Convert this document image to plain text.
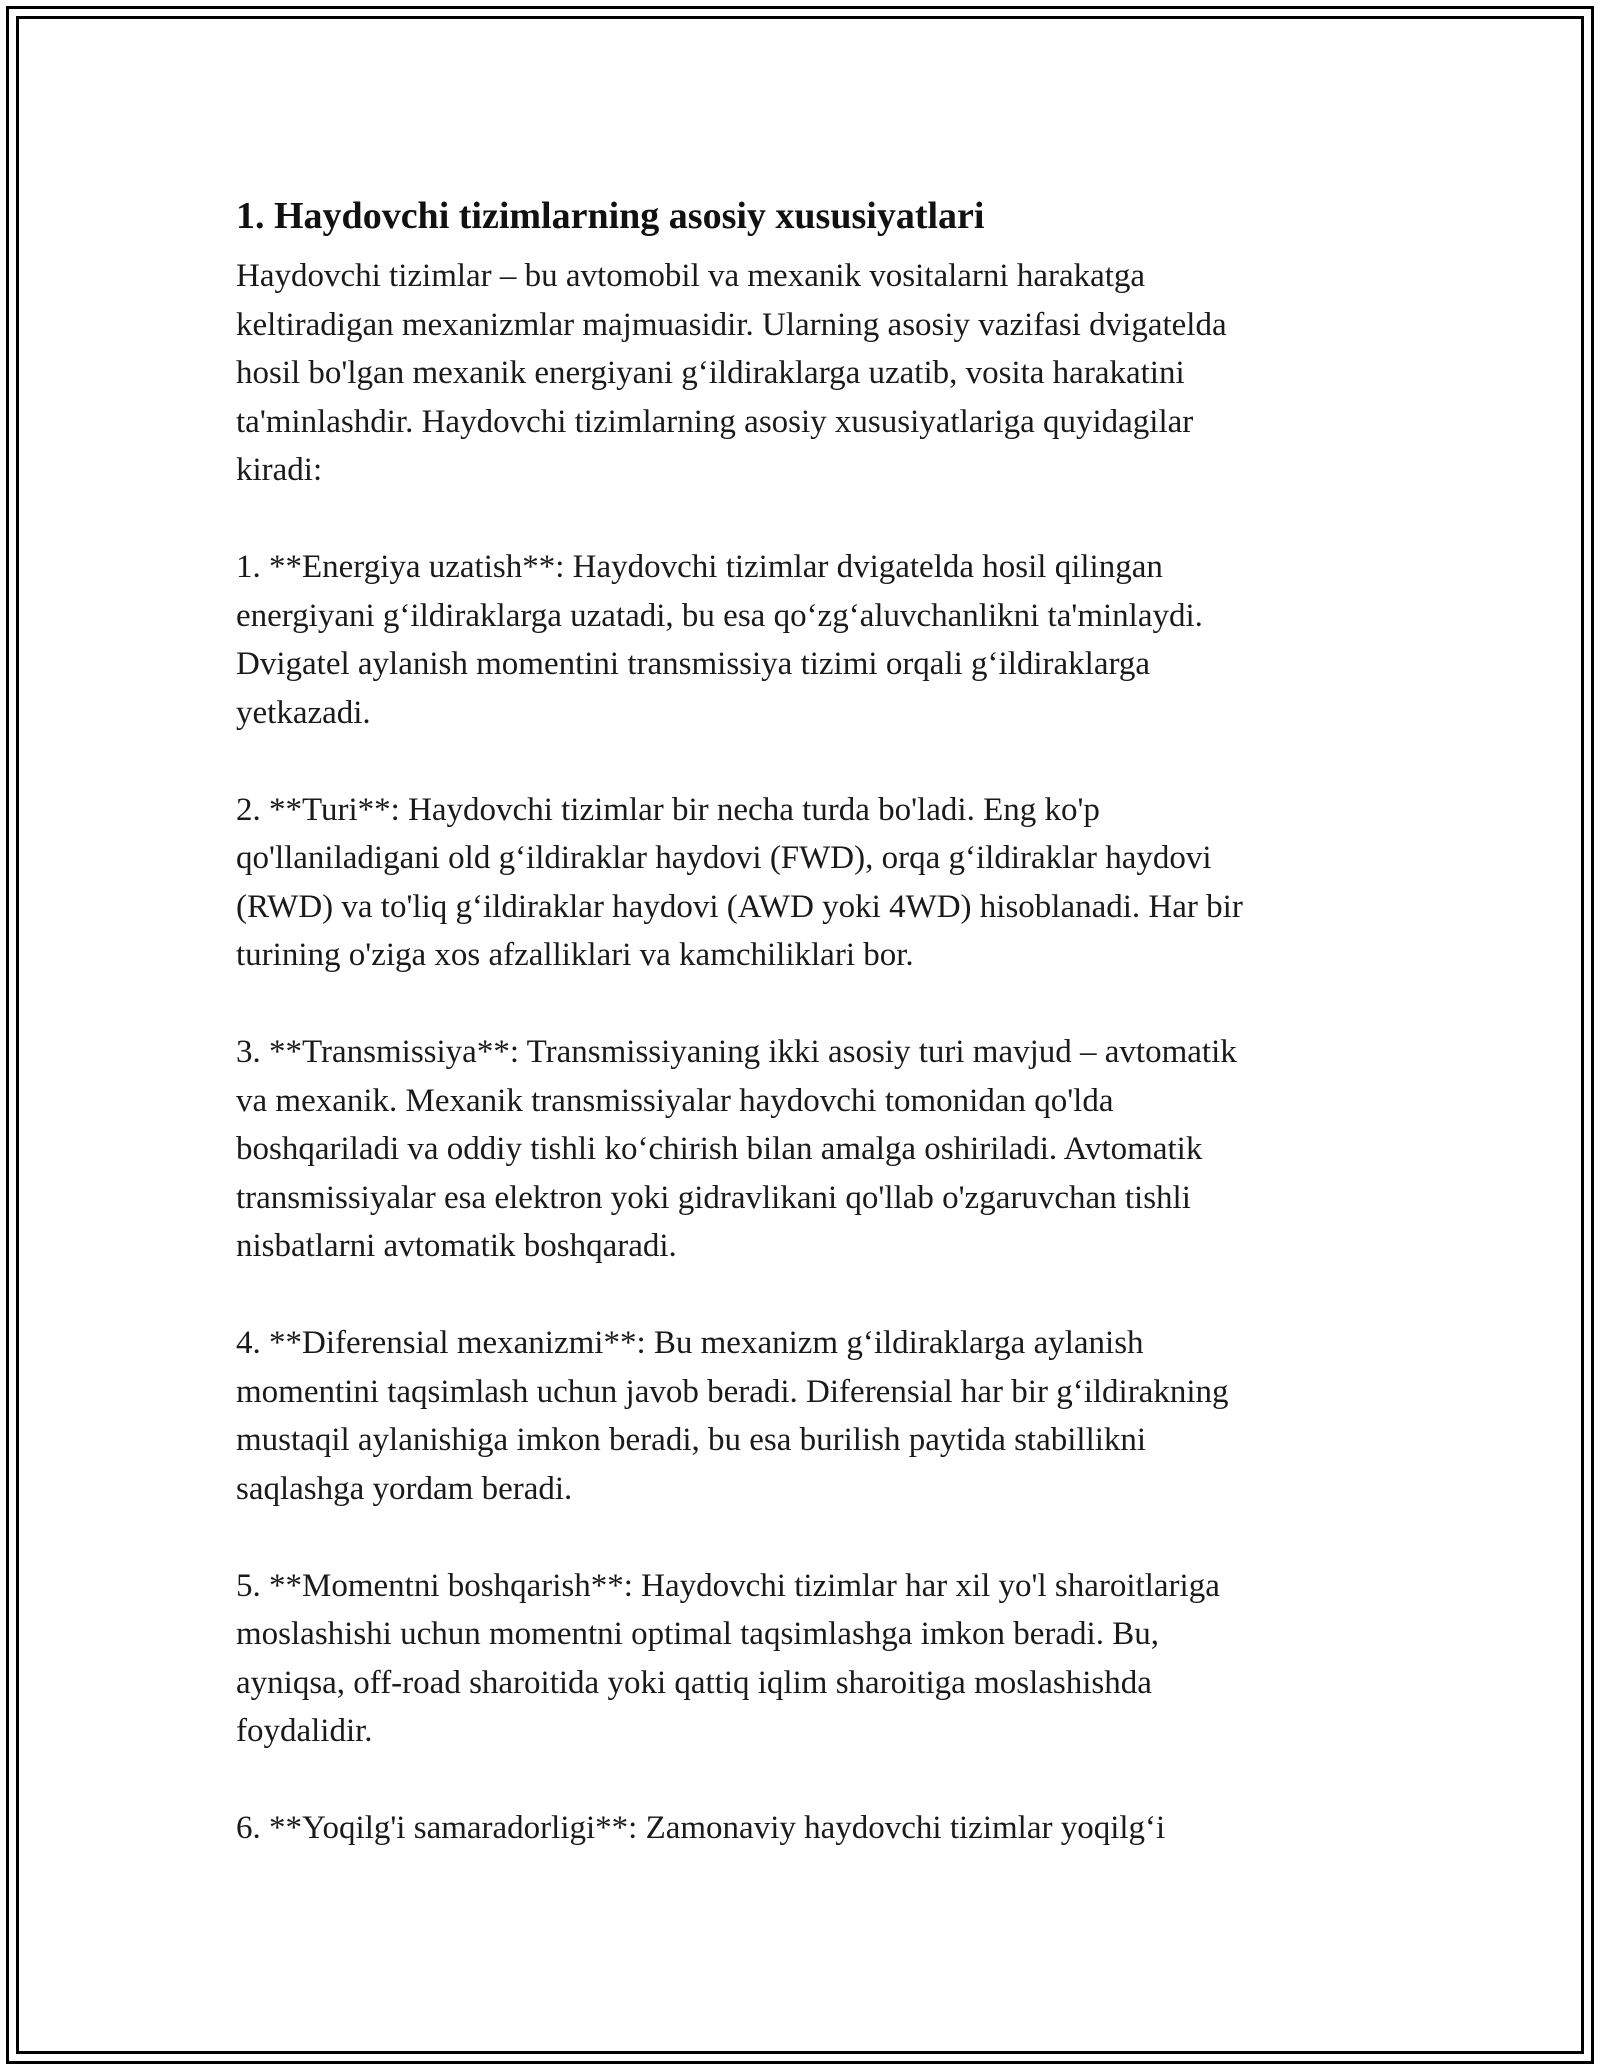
1. Haydovchi tizimlarning asosiy xususiyatlari

Haydovchi tizimlar – bu avtomobil va mexanik vositalarni harakatga
keltiradigan mexanizmlar majmuasidir. Ularning asosiy vazifasi dvigatelda
hosil bo'lgan mexanik energiyani g‘ildiraklarga uzatib, vosita harakatini
ta'minlashdir. Haydovchi tizimlarning asosiy xususiyatlariga quyidagilar
kiradi:

1. **Energiya uzatish**: Haydovchi tizimlar dvigatelda hosil qilingan
energiyani g‘ildiraklarga uzatadi, bu esa qo‘zg‘aluvchanlikni ta'minlaydi.
Dvigatel aylanish momentini transmissiya tizimi orqali g‘ildiraklarga
yetkazadi.

2. **Turi**: Haydovchi tizimlar bir necha turda bo'ladi. Eng ko'p
qo'llaniladigani old g‘ildiraklar haydovi (FWD), orqa g‘ildiraklar haydovi
(RWD) va to'liq g‘ildiraklar haydovi (AWD yoki 4WD) hisoblanadi. Har bir
turining o'ziga xos afzalliklari va kamchiliklari bor.

3. **Transmissiya**: Transmissiyaning ikki asosiy turi mavjud – avtomatik
va mexanik. Mexanik transmissiyalar haydovchi tomonidan qo'lda
boshqariladi va oddiy tishli ko‘chirish bilan amalga oshiriladi. Avtomatik
transmissiyalar esa elektron yoki gidravlikani qo'llab o'zgaruvchan tishli
nisbatlarni avtomatik boshqaradi.

4. **Diferensial mexanizmi**: Bu mexanizm g‘ildiraklarga aylanish
momentini taqsimlash uchun javob beradi. Diferensial har bir g‘ildirakning
mustaqil aylanishiga imkon beradi, bu esa burilish paytida stabillikni
saqlashga yordam beradi.

5. **Momentni boshqarish**: Haydovchi tizimlar har xil yo'l sharoitlariga
moslashishi uchun momentni optimal taqsimlashga imkon beradi. Bu,
ayniqsa, off-road sharoitida yoki qattiq iqlim sharoitiga moslashishda
foydalidir.

6. **Yoqilg'i samaradorligi**: Zamonaviy haydovchi tizimlar yoqilg‘i
